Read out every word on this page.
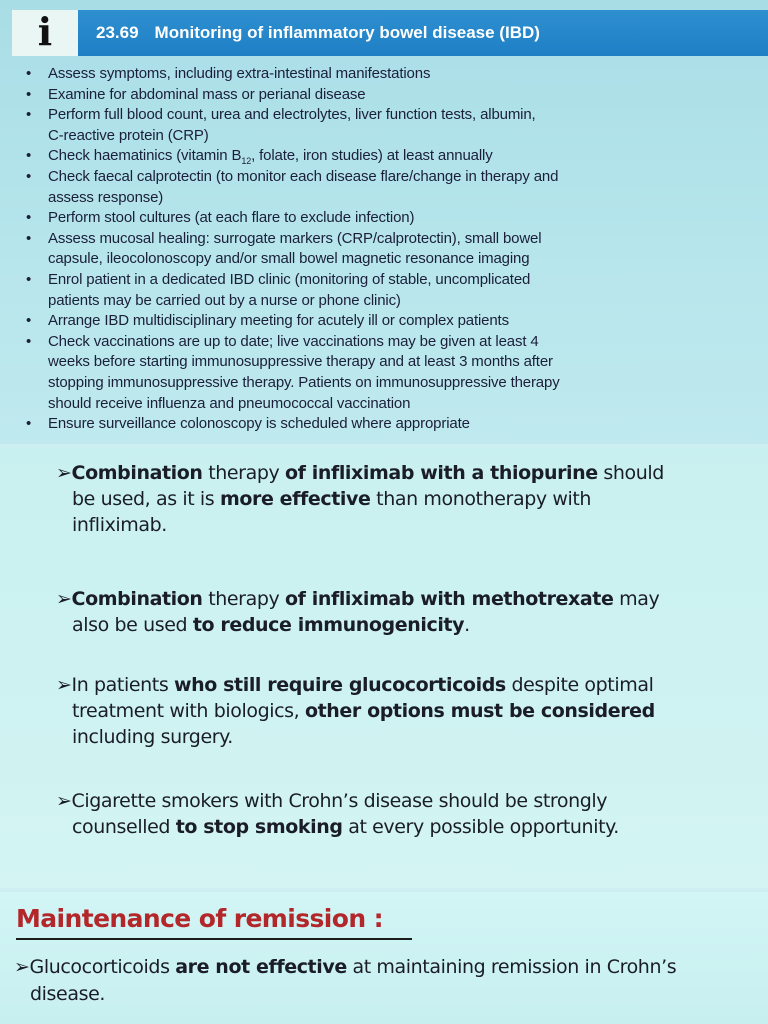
i	23.69 Monitoring of inflammatory bowel disease (IBD)
• Assess symptoms, including extra-intestinal manifestations
• Examine for abdominal mass or perianal disease
• Perform full blood count, urea and electrolytes, liver function tests, albumin,
C-reactive protein (CRP)
• Check haematinics (vitamin $B_{12}$, folate, iron studies) at least annually
• Check faecal calprotectin (to monitor each disease flare/change in therapy and
assess response)
• Perform stool cultures (at each flare to exclude infection)
• Assess mucosal healing: surrogate markers (CRP/calprotectin), small bowel
capsule, ileocolonoscopy and/or small bowel magnetic resonance imaging
• Enrol patient in a dedicated IBD clinic (monitoring of stable, uncomplicated
patients may be carried out by a nurse or phone clinic)
• Arrange IBD multidisciplinary meeting for acutely ill or complex patients
• Check vaccinations are up to date; live vaccinations may be given at least 4
weeks before starting immunosuppressive therapy and at least 3 months after
stopping immunosuppressive therapy. Patients on immunosuppressive therapy
should receive influenza and pneumococcal vaccination
• Ensure surveillance colonoscopy is scheduled where appropriate
➢Combination therapy of infliximab with a thiopurine should

be used, as it is more effective than monotherapy with
infliximab.
➢Combination therapy of infliximab with methotrexate may

also be used to reduce immunogenicity.
➢In patients who still require glucocorticoids despite optimal

treatment with biologics, other options must be considered
including surgery.
➢Cigarette smokers with Crohn’s disease should be strongly

counselled to stop smoking at every possible opportunity.
Maintenance of remission :
➢Glucocorticoids are not effective at maintaining remission in Crohn’s

disease.
